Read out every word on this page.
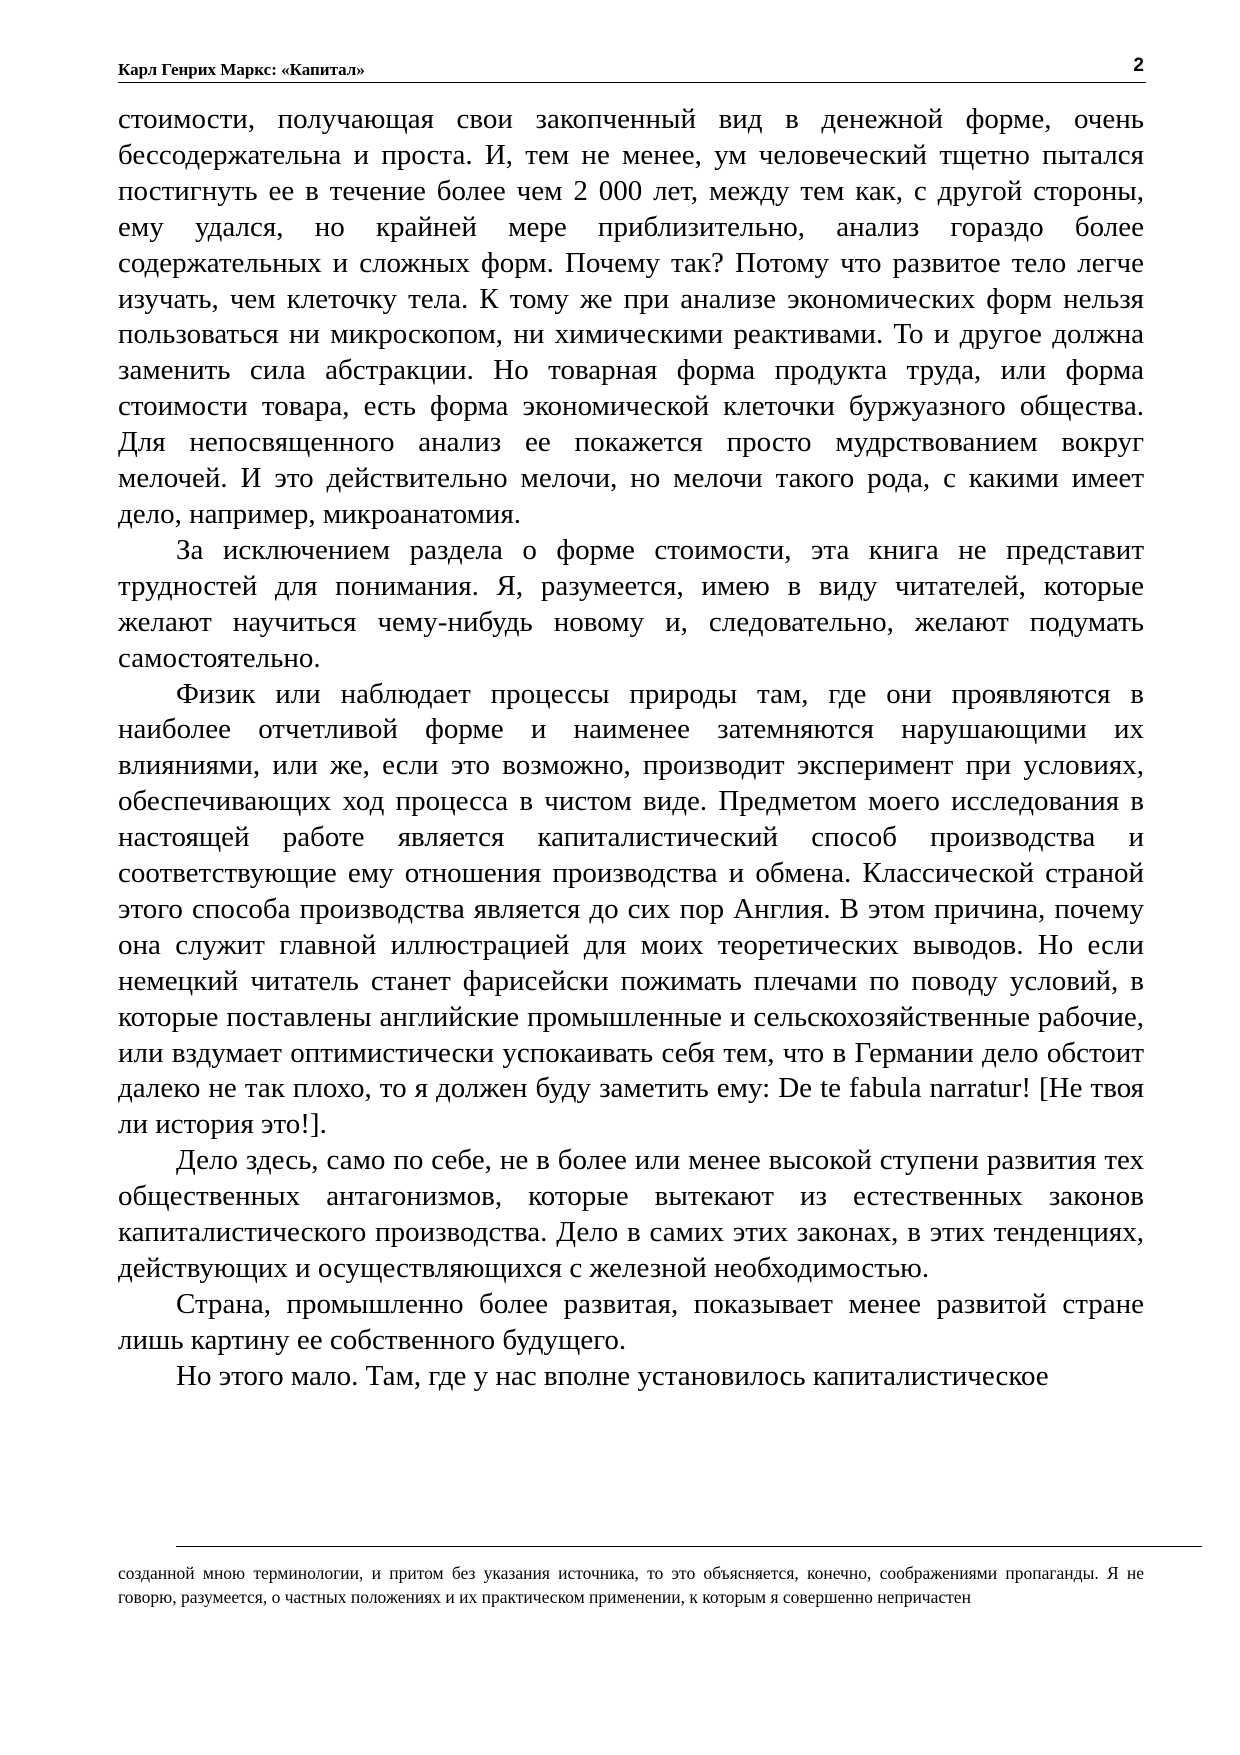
Карл Генрих Маркс: «Капитал»	2

стоимости, получающая свои закопченный вид в денежной форме, очень бессодержательна и проста. И, тем не менее, ум человеческий тщетно пытался постигнуть ее в течение более чем 2 000 лет, между тем как, с другой стороны, ему удался, но крайней мере приблизительно, анализ гораздо более содержательных и сложных форм. Почему так? Потому что развитое тело легче изучать, чем клеточку тела. К тому же при анализе экономических форм нельзя пользоваться ни микроскопом, ни химическими реактивами. То и другое должна заменить сила абстракции. Но товарная форма продукта труда, или форма стоимости товара, есть форма экономической клеточки буржуазного общества. Для непосвященного анализ ее покажется просто мудрствованием вокруг мелочей. И это действительно мелочи, но мелочи такого рода, с какими имеет дело, например, микроанатомия.

За исключением раздела о форме стоимости, эта книга не представит трудностей для понимания. Я, разумеется, имею в виду читателей, которые желают научиться чему-нибудь новому и, следовательно, желают подумать самостоятельно.

Физик или наблюдает процессы природы там, где они проявляются в наиболее отчетливой форме и наименее затемняются нарушающими их влияниями, или же, если это возможно, производит эксперимент при условиях, обеспечивающих ход процесса в чистом виде. Предметом моего исследования в настоящей работе является капиталистический способ производства и соответствующие ему отношения производства и обмена. Классической страной этого способа производства является до сих пор Англия. В этом причина, почему она служит главной иллюстрацией для моих теоретических выводов. Но если немецкий читатель станет фарисейски пожимать плечами по поводу условий, в которые поставлены английские промышленные и сельскохозяйственные рабочие, или вздумает оптимистически успокаивать себя тем, что в Германии дело обстоит далеко не так плохо, то я должен буду заметить ему: De te fabula narratur! [Не твоя ли история это!].

Дело здесь, само по себе, не в более или менее высокой ступени развития тех общественных антагонизмов, которые вытекают из естественных законов капиталистического производства. Дело в самих этих законах, в этих тенденциях, действующих и осуществляющихся с железной необходимостью.

Страна, промышленно более развитая, показывает менее развитой стране лишь картину ее собственного будущего.

Но этого мало. Там, где у нас вполне установилось капиталистическое

созданной мною терминологии, и притом без указания источника, то это объясняется, конечно, соображениями пропаганды. Я не говорю, разумеется, о частных положениях и их практическом применении, к которым я совершенно непричастен
